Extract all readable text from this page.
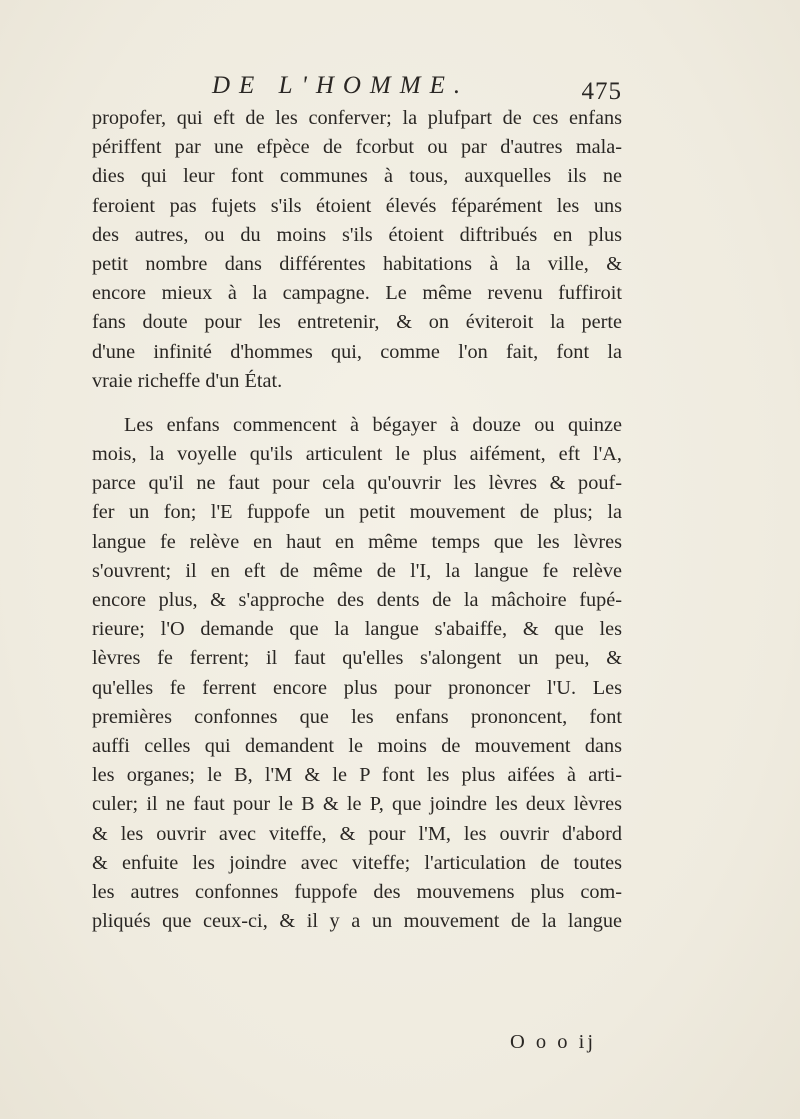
DE L'HOMME.	475
propofer, qui eft de les conferver; la plufpart de ces enfans
périffent par une efpèce de fcorbut ou par d'autres mala-
dies qui leur font communes à tous, auxquelles ils ne
feroient pas fujets s'ils étoient élevés féparément les uns
des autres, ou du moins s'ils étoient diftribués en plus
petit nombre dans différentes habitations à la ville, &
encore mieux à la campagne. Le même revenu fuffiroit
fans doute pour les entretenir, & on éviteroit la perte
d'une infinité d'hommes qui, comme l'on fait, font la
vraie richeffe d'un État.
Les enfans commencent à bégayer à douze ou quinze
mois, la voyelle qu'ils articulent le plus aifément, eft l'A,
parce qu'il ne faut pour cela qu'ouvrir les lèvres & pouf-
fer un fon; l'E fuppofe un petit mouvement de plus; la
langue fe relève en haut en même temps que les lèvres
s'ouvrent; il en eft de même de l'I, la langue fe relève
encore plus, & s'approche des dents de la mâchoire fupé-
rieure; l'O demande que la langue s'abaiffe, & que les
lèvres fe ferrent; il faut qu'elles s'alongent un peu, &
qu'elles fe ferrent encore plus pour prononcer l'U. Les
premières confonnes que les enfans prononcent, font
auffi celles qui demandent le moins de mouvement dans
les organes; le B, l'M & le P font les plus aifées à arti-
culer; il ne faut pour le B & le P, que joindre les deux lèvres
& les ouvrir avec viteffe, & pour l'M, les ouvrir d'abord
& enfuite les joindre avec viteffe; l'articulation de toutes
les autres confonnes fuppofe des mouvemens plus com-
pliqués que ceux-ci, & il y a un mouvement de la langue
O o o ij
